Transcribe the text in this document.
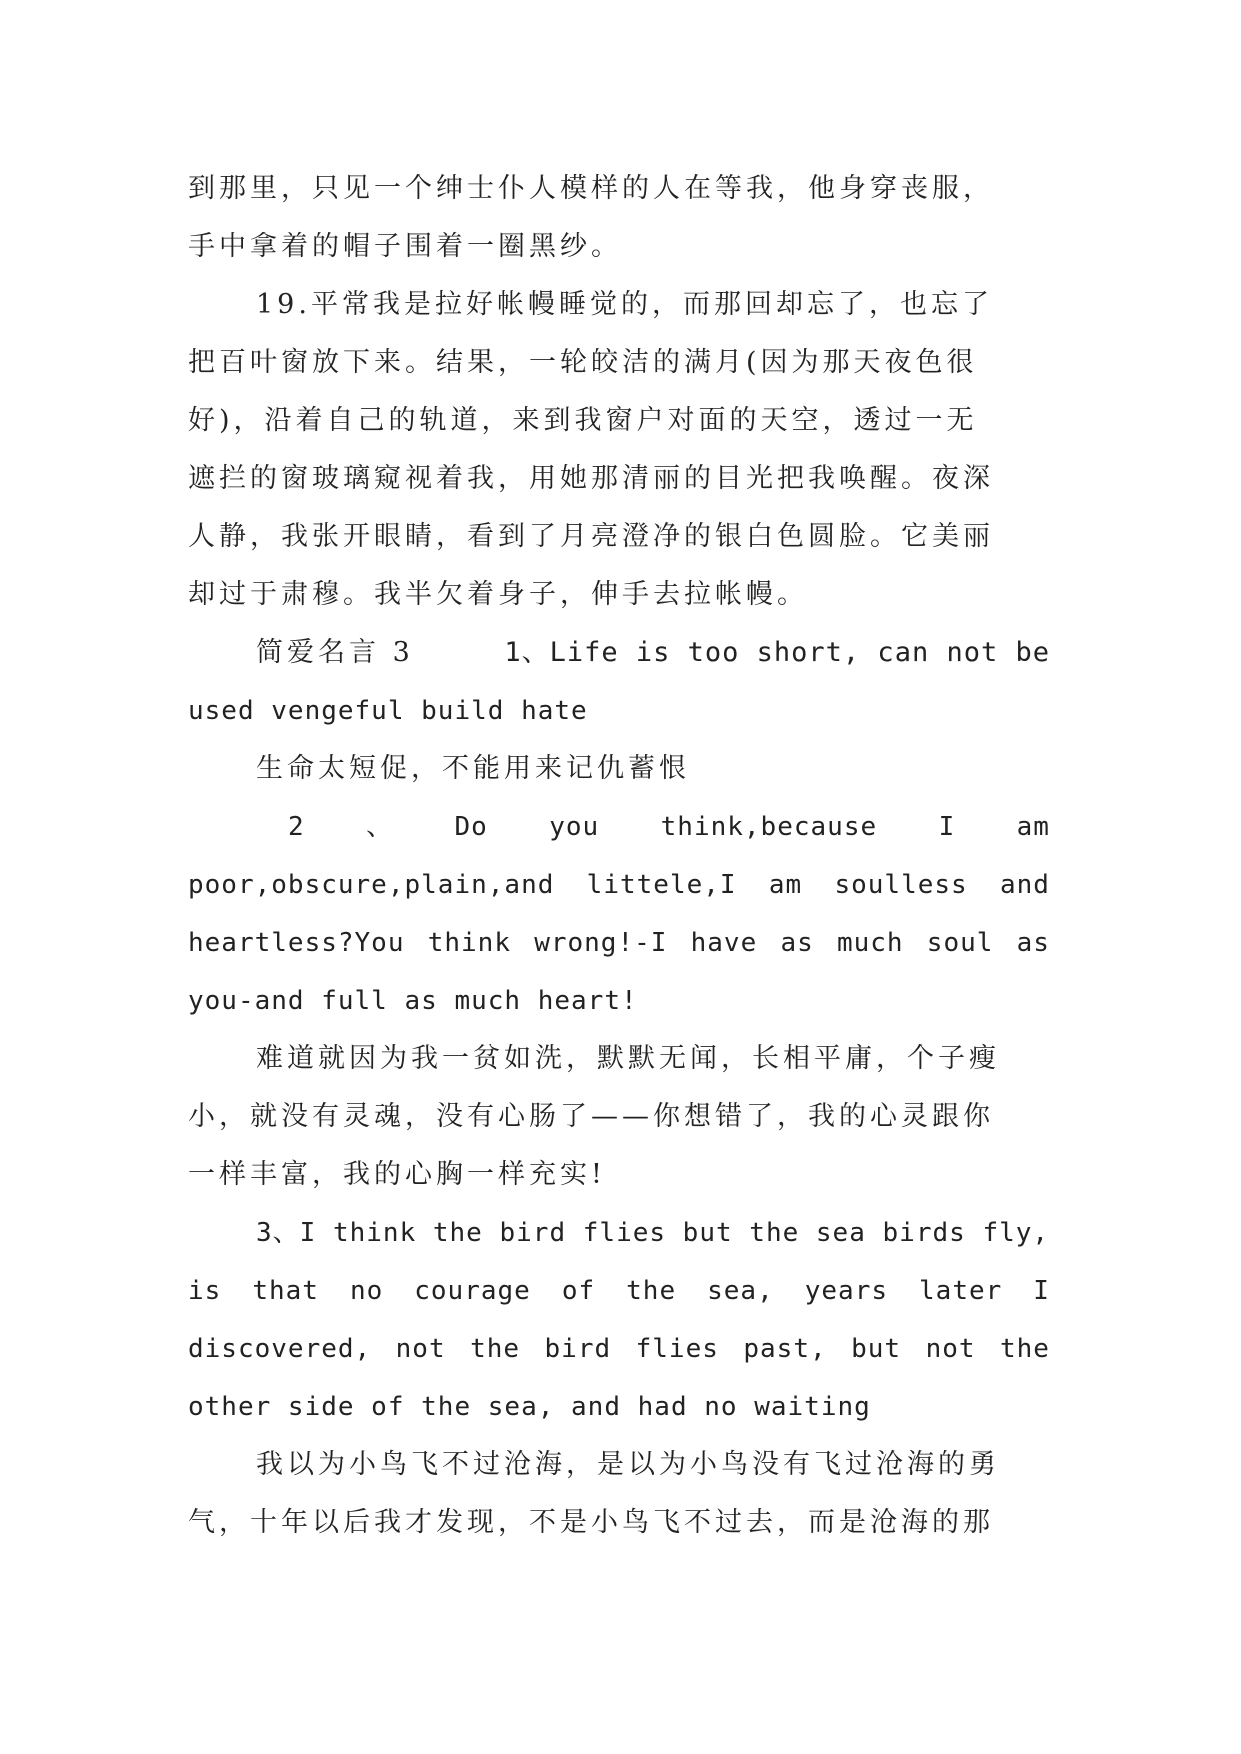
到那里，只见一个绅士仆人模样的人在等我，他身穿丧服，
手中拿着的帽子围着一圈黑纱。
19.平常我是拉好帐幔睡觉的，而那回却忘了，也忘了
把百叶窗放下来。结果，一轮皎洁的满月(因为那天夜色很
好)，沿着自己的轨道，来到我窗户对面的天空，透过一无
遮拦的窗玻璃窥视着我，用她那清丽的目光把我唤醒。夜深
人静，我张开眼睛，看到了月亮澄净的银白色圆脸。它美丽
却过于肃穆。我半欠着身子，伸手去拉帐幔。
简爱名言 3	1、Life is too short, can not be
used vengeful build hate
生命太短促，不能用来记仇蓄恨
2 、 Do you think,because I am
poor,obscure,plain,and littele,I am soulless and
heartless?You think wrong!-I have as much soul as
you-and full as much heart!
难道就因为我一贫如洗，默默无闻，长相平庸，个子瘦
小，就没有灵魂，没有心肠了——你想错了，我的心灵跟你
一样丰富，我的心胸一样充实!
3、I think the bird flies but the sea birds fly,
is that no courage of the sea, years later I
discovered, not the bird flies past, but not the
other side of the sea, and had no waiting
我以为小鸟飞不过沧海，是以为小鸟没有飞过沧海的勇
气，十年以后我才发现，不是小鸟飞不过去，而是沧海的那
